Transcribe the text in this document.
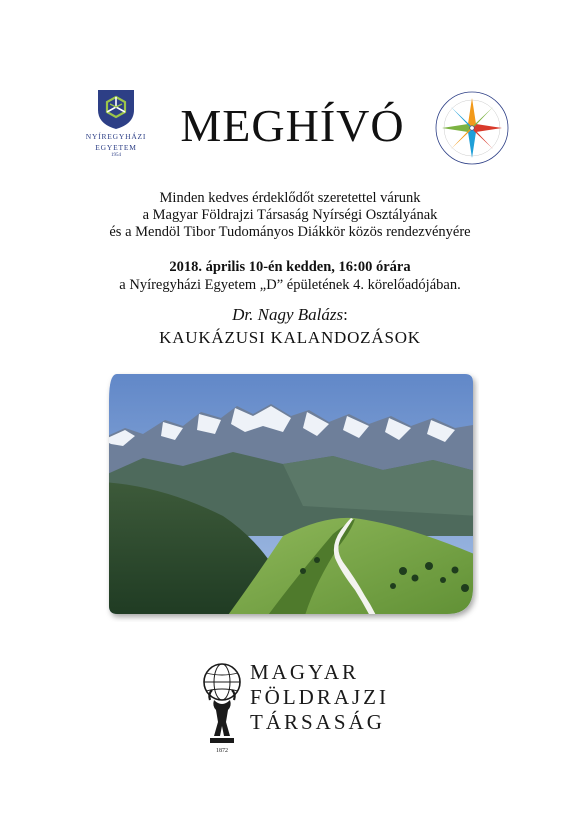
NYÍREGYHÁZI
EGYETEM
1954
MEGHÍVÓ
Minden kedves érdeklődőt szeretettel várunk
a Magyar Földrajzi Társaság Nyírségi Osztályának
és a Mendöl Tibor Tudományos Diákkör közös rendezvényére
2018. április 10-én kedden, 16:00 órára
a Nyíregyházi Egyetem „D” épületének 4. körelőadójában.
Dr. Nagy Balázs:
KAUKÁZUSI KALANDOZÁSOK
1872
MAGYAR
FÖLDRAJZI
TÁRSASÁG
